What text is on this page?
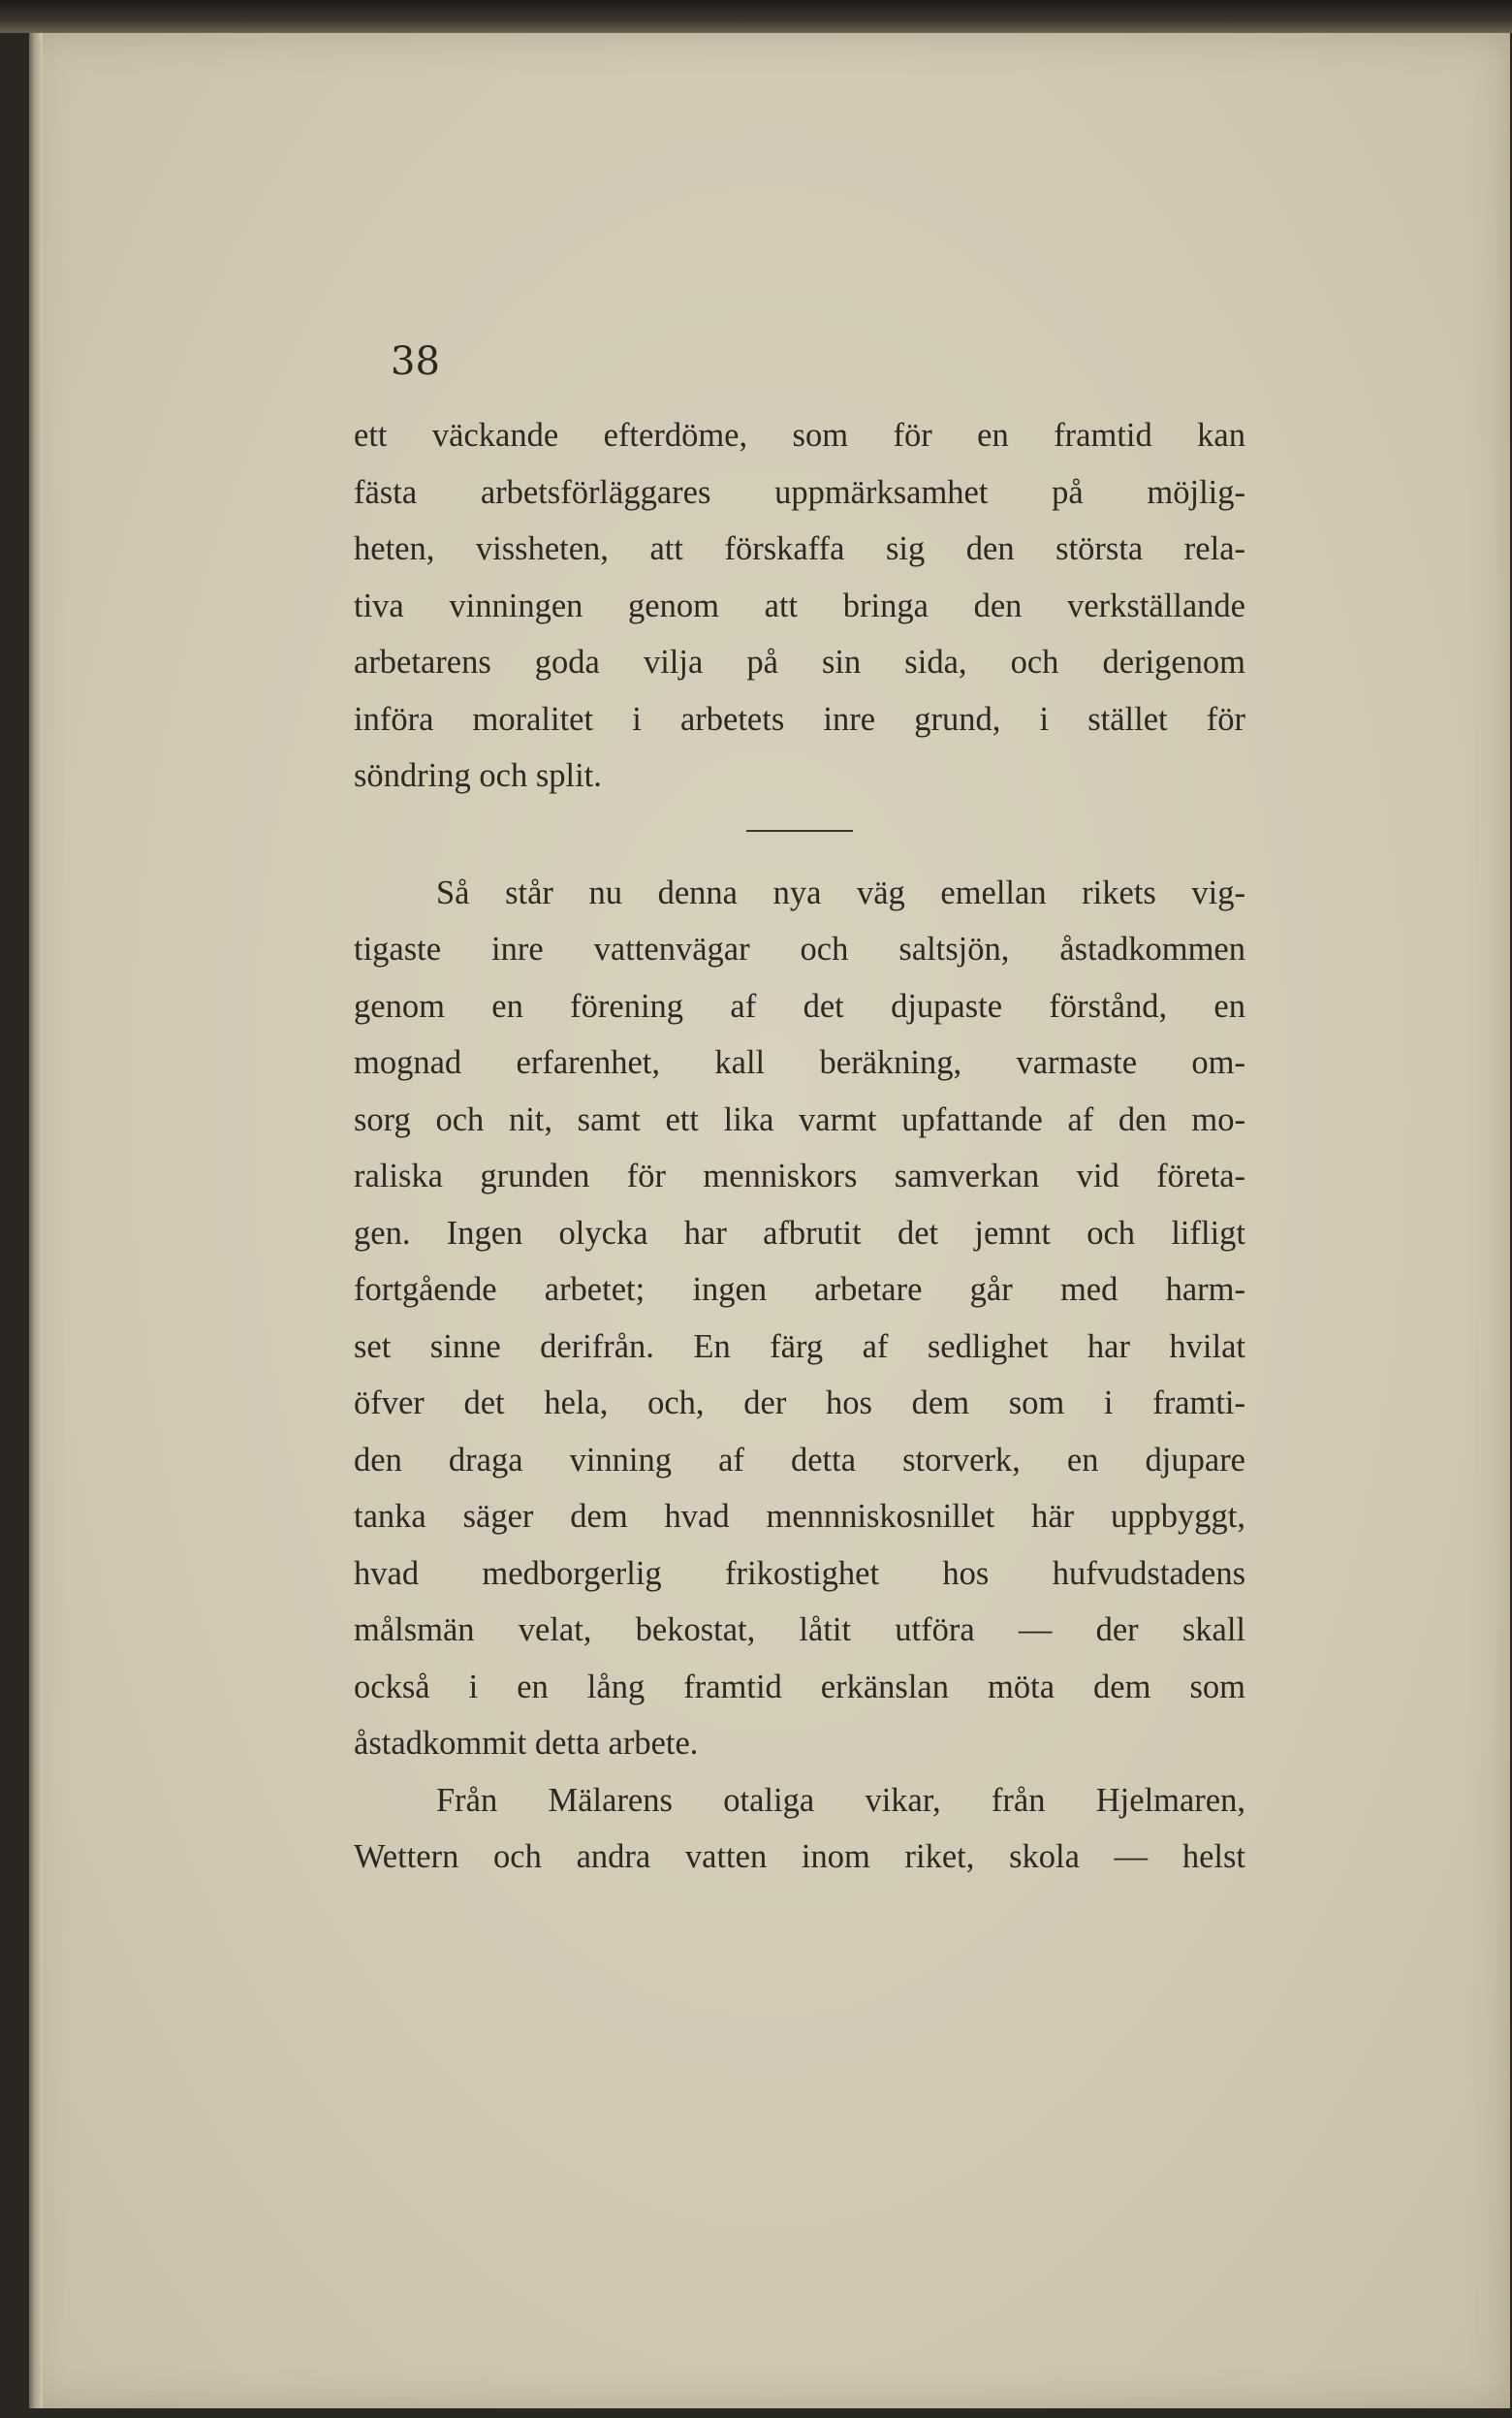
38

ett väckande efterdöme, som för en framtid kan
fästa arbetsförläggares uppmärksamhet på möjlig-
heten, vissheten, att förskaffa sig den största rela-
tiva vinningen genom att bringa den verkställande
arbetarens goda vilja på sin sida, och derigenom
införa moralitet i arbetets inre grund, i stället för
söndring och split.

Så står nu denna nya väg emellan rikets vig-
tigaste inre vattenvägar och saltsjön, åstadkommen
genom en förening af det djupaste förstånd, en
mognad erfarenhet, kall beräkning, varmaste om-
sorg och nit, samt ett lika varmt upfattande af den mo-
raliska grunden för menniskors samverkan vid företa-
gen. Ingen olycka har afbrutit det jemnt och lifligt
fortgående arbetet; ingen arbetare går med harm-
set sinne derifrån. En färg af sedlighet har hvilat
öfver det hela, och, der hos dem som i framti-
den draga vinning af detta storverk, en djupare
tanka säger dem hvad mennniskosnillet här uppbyggt,
hvad medborgerlig frikostighet hos hufvudstadens
målsmän velat, bekostat, låtit utföra — der skall
också i en lång framtid erkänslan möta dem som
åstadkommit detta arbete.

Från Mälarens otaliga vikar, från Hjelmaren,
Wettern och andra vatten inom riket, skola — helst
